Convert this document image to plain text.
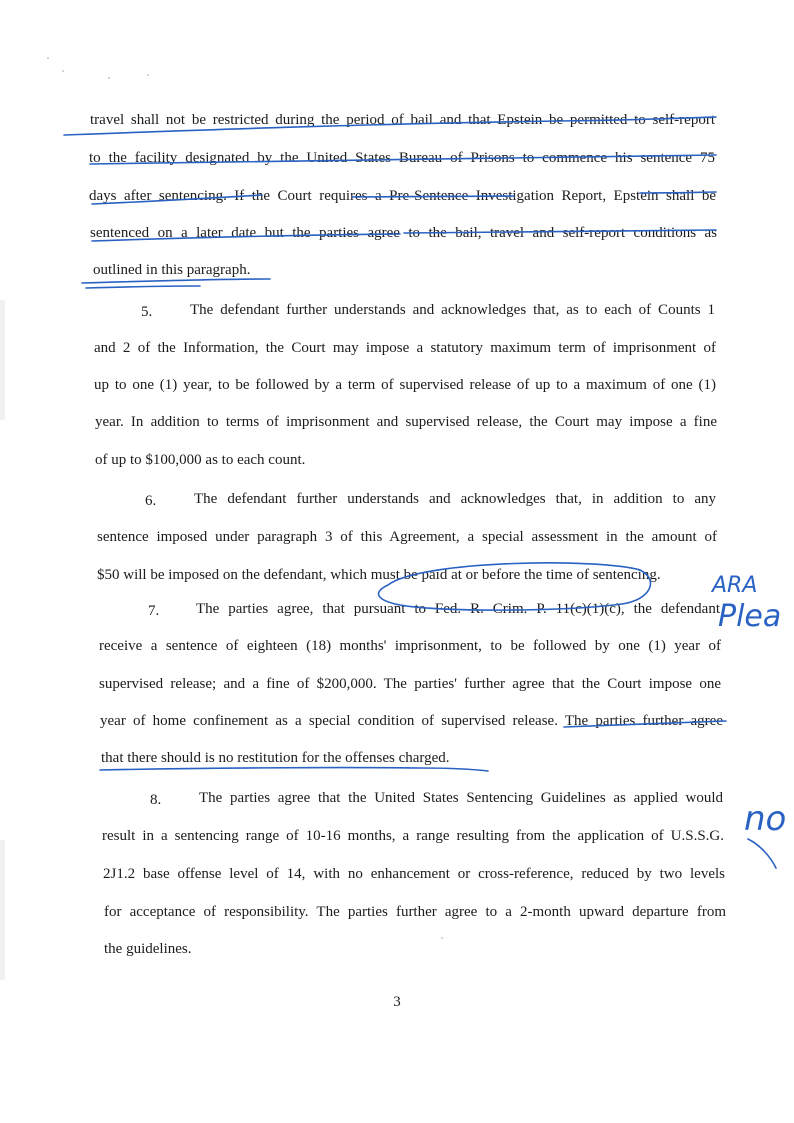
travel shall not be restricted during the period of bail and that Epstein be permitted to self-report
to the facility designated by the United States Bureau of Prisons to commence his sentence 75
days after sentencing. If the Court requires a Pre-Sentence Investigation Report, Epstein shall be
sentenced on a later date but the parties agree to the bail, travel and self-report conditions as
outlined in this paragraph.
5.	The defendant further understands and acknowledges that, as to each of Counts 1
and 2 of the Information, the Court may impose a statutory maximum term of imprisonment of
up to one (1) year, to be followed by a term of supervised release of up to a maximum of one (1)
year. In addition to terms of imprisonment and supervised release, the Court may impose a fine
of up to $100,000 as to each count.
6.	The defendant further understands and acknowledges that, in addition to any
sentence imposed under paragraph 3 of this Agreement, a special assessment in the amount of
$50 will be imposed on the defendant, which must be paid at or before the time of sentencing.
7. The parties agree, that pursuant to Fed. R. Crim. P. 11(c)(1)(c), the defendant
receive a sentence of eighteen (18) months' imprisonment, to be followed by one (1) year of
supervised release; and a fine of $200,000. The parties' further agree that the Court impose one
year of home confinement as a special condition of supervised release. The parties further agree
that there should is no restitution for the offenses charged.
8.	The parties agree that the United States Sentencing Guidelines as applied would
result in a sentencing range of 10-16 months, a range resulting from the application of U.S.S.G.
2J1.2 base offense level of 14, with no enhancement or cross-reference, reduced by two levels
for acceptance of responsibility. The parties further agree to a 2-month upward departure from
the guidelines.
3
ARA
Plea
no
